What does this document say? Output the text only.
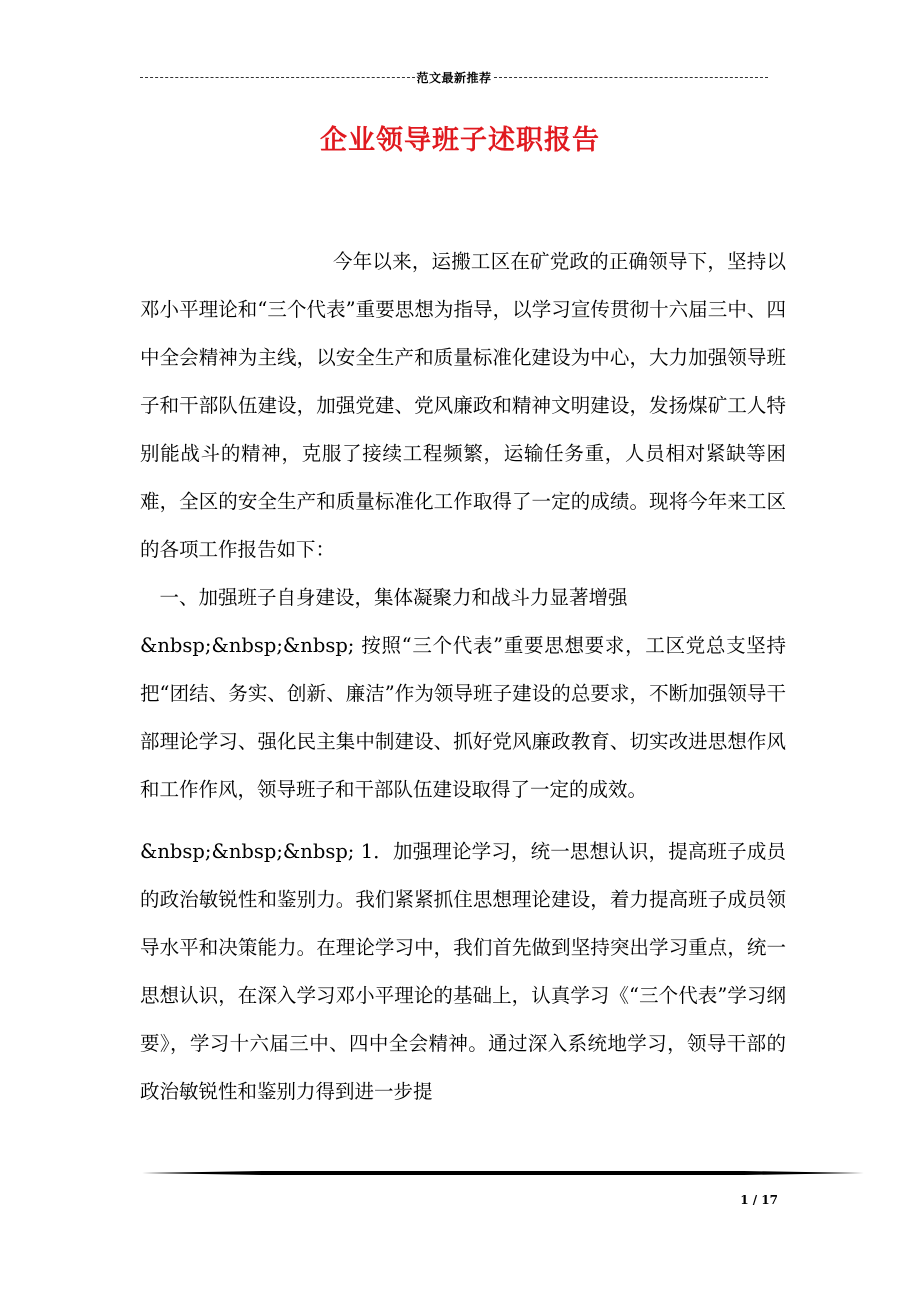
范文最新推荐
企业领导班子述职报告

今年以来，运搬工区在矿党政的正确领导下，坚持以邓小平理论和“三个代表”重要思想为指导，以学习宣传贯彻十六届三中、四中全会精神为主线，以安全生产和质量标准化建设为中心，大力加强领导班子和干部队伍建设，加强党建、党风廉政和精神文明建设，发扬煤矿工人特别能战斗的精神，克服了接续工程频繁，运输任务重，人员相对紧缺等困难，全区的安全生产和质量标准化工作取得了一定的成绩。现将今年来工区的各项工作报告如下：

一、加强班子自身建设，集体凝聚力和战斗力显著增强

&nbsp;&nbsp;&nbsp; 按照“三个代表”重要思想要求，工区党总支坚持把“团结、务实、创新、廉洁”作为领导班子建设的总要求，不断加强领导干部理论学习、强化民主集中制建设、抓好党风廉政教育、切实改进思想作风和工作作风，领导班子和干部队伍建设取得了一定的成效。

&nbsp;&nbsp;&nbsp; 1．加强理论学习，统一思想认识，提高班子成员的政治敏锐性和鉴别力。我们紧紧抓住思想理论建设，着力提高班子成员领导水平和决策能力。在理论学习中，我们首先做到坚持突出学习重点，统一思想认识，在深入学习邓小平理论的基础上，认真学习《“三个代表”学习纲要》，学习十六届三中、四中全会精神。通过深入系统地学习，领导干部的政治敏锐性和鉴别力得到进一步提

1 / 17
